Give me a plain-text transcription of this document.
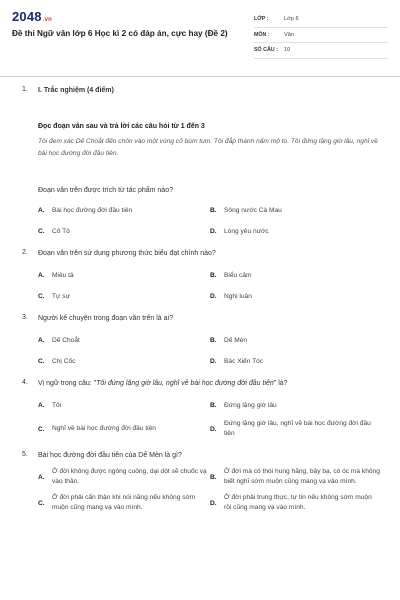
2048.vn
Đề thi Ngữ văn lớp 6 Học kì 2 có đáp án, cực hay (Đề 2)
LỚP :	Lớp 6
MÔN :	Văn
SỐ CÂU :	10
1.	I. Trắc nghiệm (4 điểm)
Đọc đoạn văn sau và trả lời các câu hỏi từ 1 đến 3
Tôi đem xác Dế Choắt đến chôn vào một vùng cỏ bùm tum. Tôi đắp thành nấm mộ to. Tôi đứng lặng giờ lâu, nghĩ về bài học đường đời đầu tiên.
Đoạn văn trên được trích từ tác phẩm nào?
A.	Bài học đường đời đầu tiên	B.	Sông nước Cà Mau
C.	Cô Tô	D.	Lòng yêu nước
2.	Đoạn văn trên sử dụng phương thức biểu đạt chính nào?
A.	Miêu tả	B.	Biểu cảm
C.	Tự sự	D.	Nghị luận
3.	Người kể chuyện trong đoạn văn trên là ai?
A.	Dế Choắt	B.	Dế Mèn
C.	Chị Cốc	D.	Bác Xiến Tóc
4.	Vị ngữ trong câu: "Tôi đứng lặng giờ lâu, nghĩ về bài học đường đời đầu tiên" là?
A.	Tôi	B.	Đứng lặng giờ lâu
C.	Nghĩ về bài học đường đời đầu tiên	D.
Đứng lặng giờ lâu, nghĩ về bài học đường đời đầu tiên
5.	Bài học đường đời đầu tiên của Dế Mèn là gì?
A.
Ở đời không được ngông cuồng, dại dột sẽ chuốc vạ vào thân.
B.
Ở đời mà có thói hung hăng, bậy bạ, có óc mà không biết nghĩ sớm muộn cũng mang vạ vào mình.
C.
Ở đời phải cẩn thận khi nói năng nếu không sớm muộn cũng mang vạ vào mình.
D.
Ở đời phải trung thực, tự tin nếu không sớm muộn rồi cũng mang vạ vào mình.
